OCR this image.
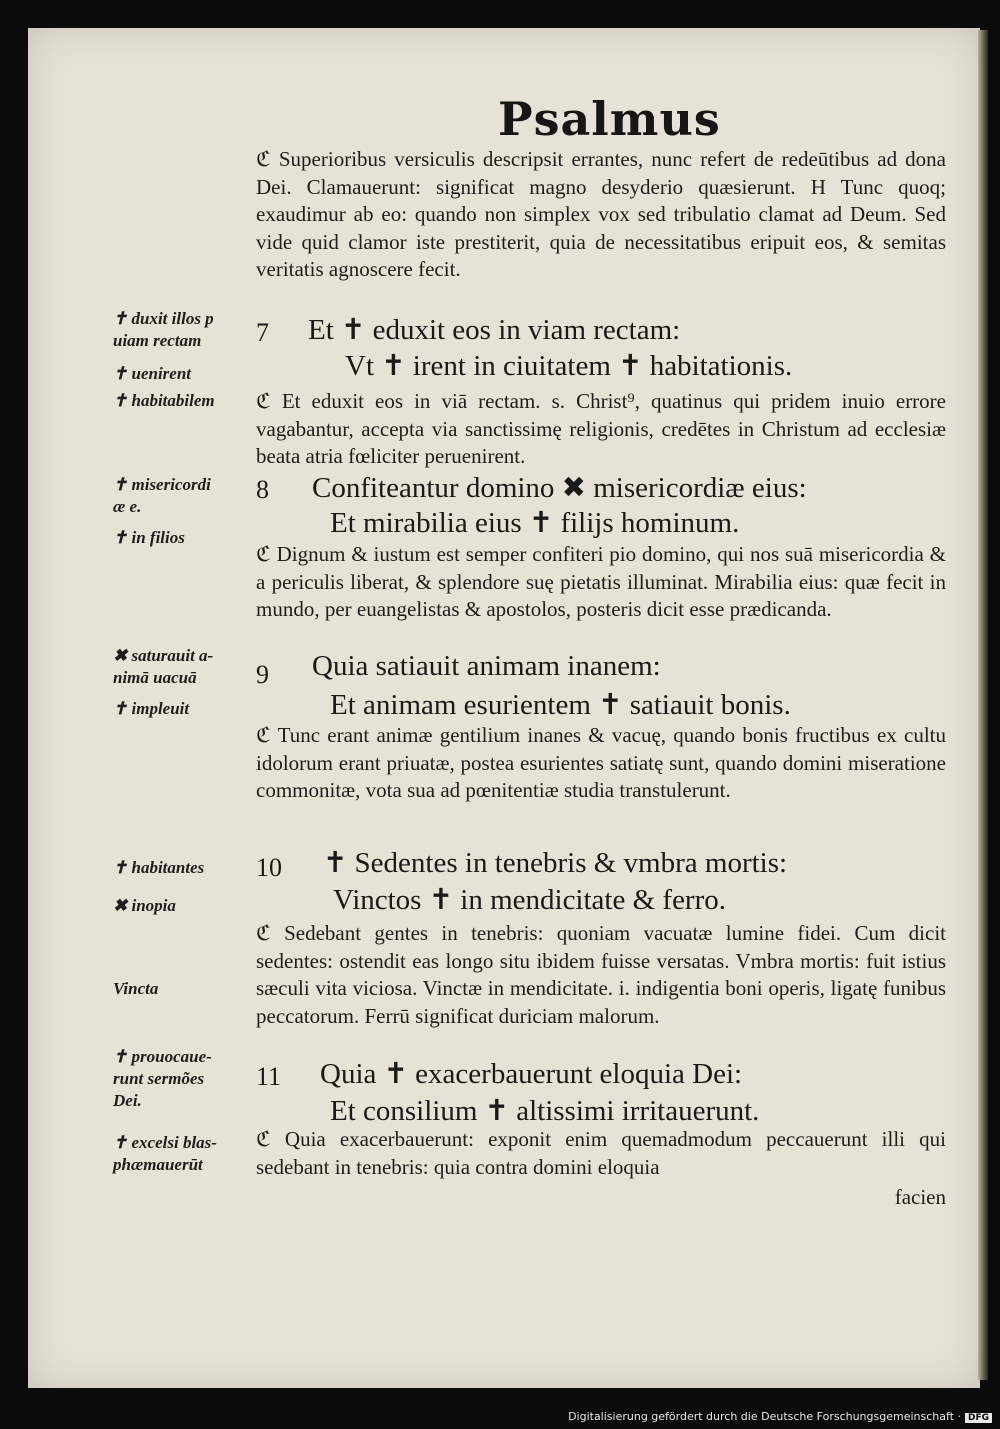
Psalmus
ℭ Superioribus versiculis descripsit errantes, nunc refert de redeūtibus ad dona Dei. Clamauerunt: significat magno desyderio quæsierunt. H Tunc quoq; exaudimur ab eo: quando non simplex vox sed tribulatio clamat ad Deum. Sed vide quid clamor iste prestiterit, quia de necessitatibus eripuit eos, & semitas veritatis agnoscere fecit.
ℭ Et eduxit eos in viā rectam. s. Christ⁹, quatinus qui pridem inuio errore vagabantur, accepta via sanctissimę religionis, credētes in Christum ad ecclesiæ beata atria fœliciter peruenirent.
ℭ Dignum & iustum est semper confiteri pio domino, qui nos suā misericordia & a periculis liberat, & splendore suę pietatis illuminat. Mirabilia eius: quæ fecit in mundo, per euangelistas & apostolos, posteris dicit esse prædicanda.
ℭ Tunc erant animæ gentilium inanes & vacuę, quando bonis fructibus ex cultu idolorum erant priuatæ, postea esurientes satiatę sunt, quando domini miseratione commonitæ, vota sua ad pœnitentiæ studia transtulerunt.
ℭ Sedebant gentes in tenebris: quoniam vacuatæ lumine fidei. Cum dicit sedentes: ostendit eas longo situ ibidem fuisse versatas. Vmbra mortis: fuit istius sæculi vita viciosa. Vinctæ in mendicitate. i. indigentia boni operis, ligatę funibus peccatorum. Ferrū significat duriciam malorum.
ℭ Quia exacerbauerunt: exponit enim quemadmodum peccauerunt illi qui sedebant in tenebris: quia contra domini eloquia
facien
7 Et ✝ eduxit eos in viam rectam:
Vt ✝ irent in ciuitatem ✝ habitationis.
8 Confiteantur domino ✖ misericordiæ eius:
Et mirabilia eius ✝ filijs hominum.
9 Quia satiauit animam inanem:
Et animam esurientem ✝ satiauit bonis.
10 ✝ Sedentes in tenebris & vmbra mortis:
Vinctos ✝ in mendicitate & ferro.
11 Quia ✝ exacerbauerunt eloquia Dei:
Et consilium ✝ altissimi irritauerunt.
✝ duxit illos p
uiam rectam
✝ uenirent
✝ habitabilem
✝ misericordi
æ e.
✝ in filios
✖ saturauit a-
nimā uacuā
✝ impleuit
✝ habitantes
✖ inopia
Vincta
✝ prouocaue-
runt sermões
Dei.
✝ excelsi blas-
phæmauerūt
Digitalisierung gefördert durch die Deutsche Forschungsgemeinschaft · DFG
